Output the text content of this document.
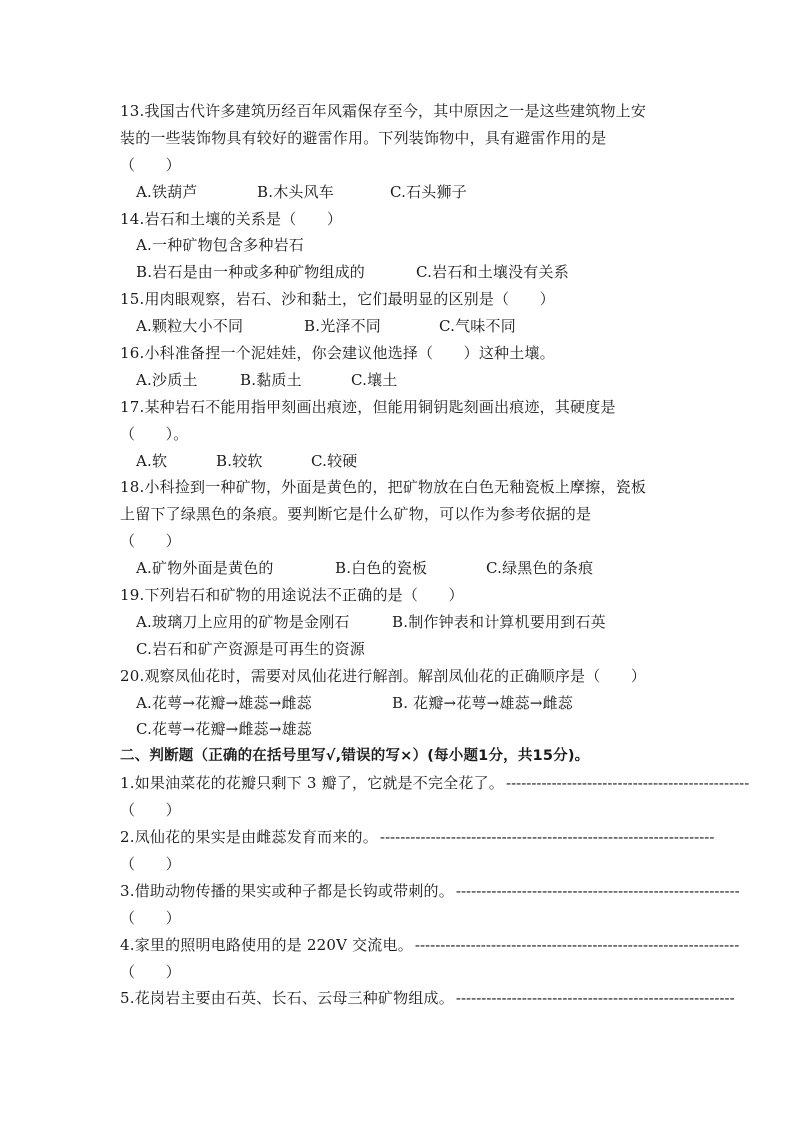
13.我国古代许多建筑历经百年风霜保存至今，其中原因之一是这些建筑物上安
装的一些装饰物具有较好的避雷作用。下列装饰物中，具有避雷作用的是
（　　）
A.铁葫芦	B.木头风车	C.石头狮子
14.岩石和土壤的关系是（　　）
A.一种矿物包含多种岩石
B.岩石是由一种或多种矿物组成的	C.岩石和土壤没有关系
15.用肉眼观察，岩石、沙和黏土，它们最明显的区别是（　　）
A.颗粒大小不同	B.光泽不同	C.气味不同
16.小科准备捏一个泥娃娃，你会建议他选择（　　）这种土壤。
A.沙质土	B.黏质土	C.壤土
17.某种岩石不能用指甲刻画出痕迹，但能用铜钥匙刻画出痕迹，其硬度是
（　　）。
A.软	B.较软	C.较硬
18.小科捡到一种矿物，外面是黄色的，把矿物放在白色无釉瓷板上摩擦，瓷板
上留下了绿黑色的条痕。要判断它是什么矿物，可以作为参考依据的是
（　　）
A.矿物外面是黄色的	B.白色的瓷板	C.绿黑色的条痕
19.下列岩石和矿物的用途说法不正确的是（　　）
A.玻璃刀上应用的矿物是金刚石	B.制作钟表和计算机要用到石英
C.岩石和矿产资源是可再生的资源
20.观察凤仙花时，需要对凤仙花进行解剖。解剖凤仙花的正确顺序是（　　）
A.花萼→花瓣→雄蕊→雌蕊	B. 花瓣→花萼→雄蕊→雌蕊
C.花萼→花瓣→雌蕊→雄蕊
二、判断题（正确的在括号里写√,错误的写×）(每小题1分，共15分)。
1.如果油菜花的花瓣只剩下 3 瓣了，它就是不完全花了。 ------------------------------------------------
（　　）
2.凤仙花的果实是由雌蕊发育而来的。 ------------------------------------------------------------------
（　　）
3.借助动物传播的果实或种子都是长钩或带刺的。 --------------------------------------------------------
（　　）
4.家里的照明电路使用的是 220V 交流电。 ----------------------------------------------------------------
（　　）
5.花岗岩主要由石英、长石、云母三种矿物组成。 -------------------------------------------------------
